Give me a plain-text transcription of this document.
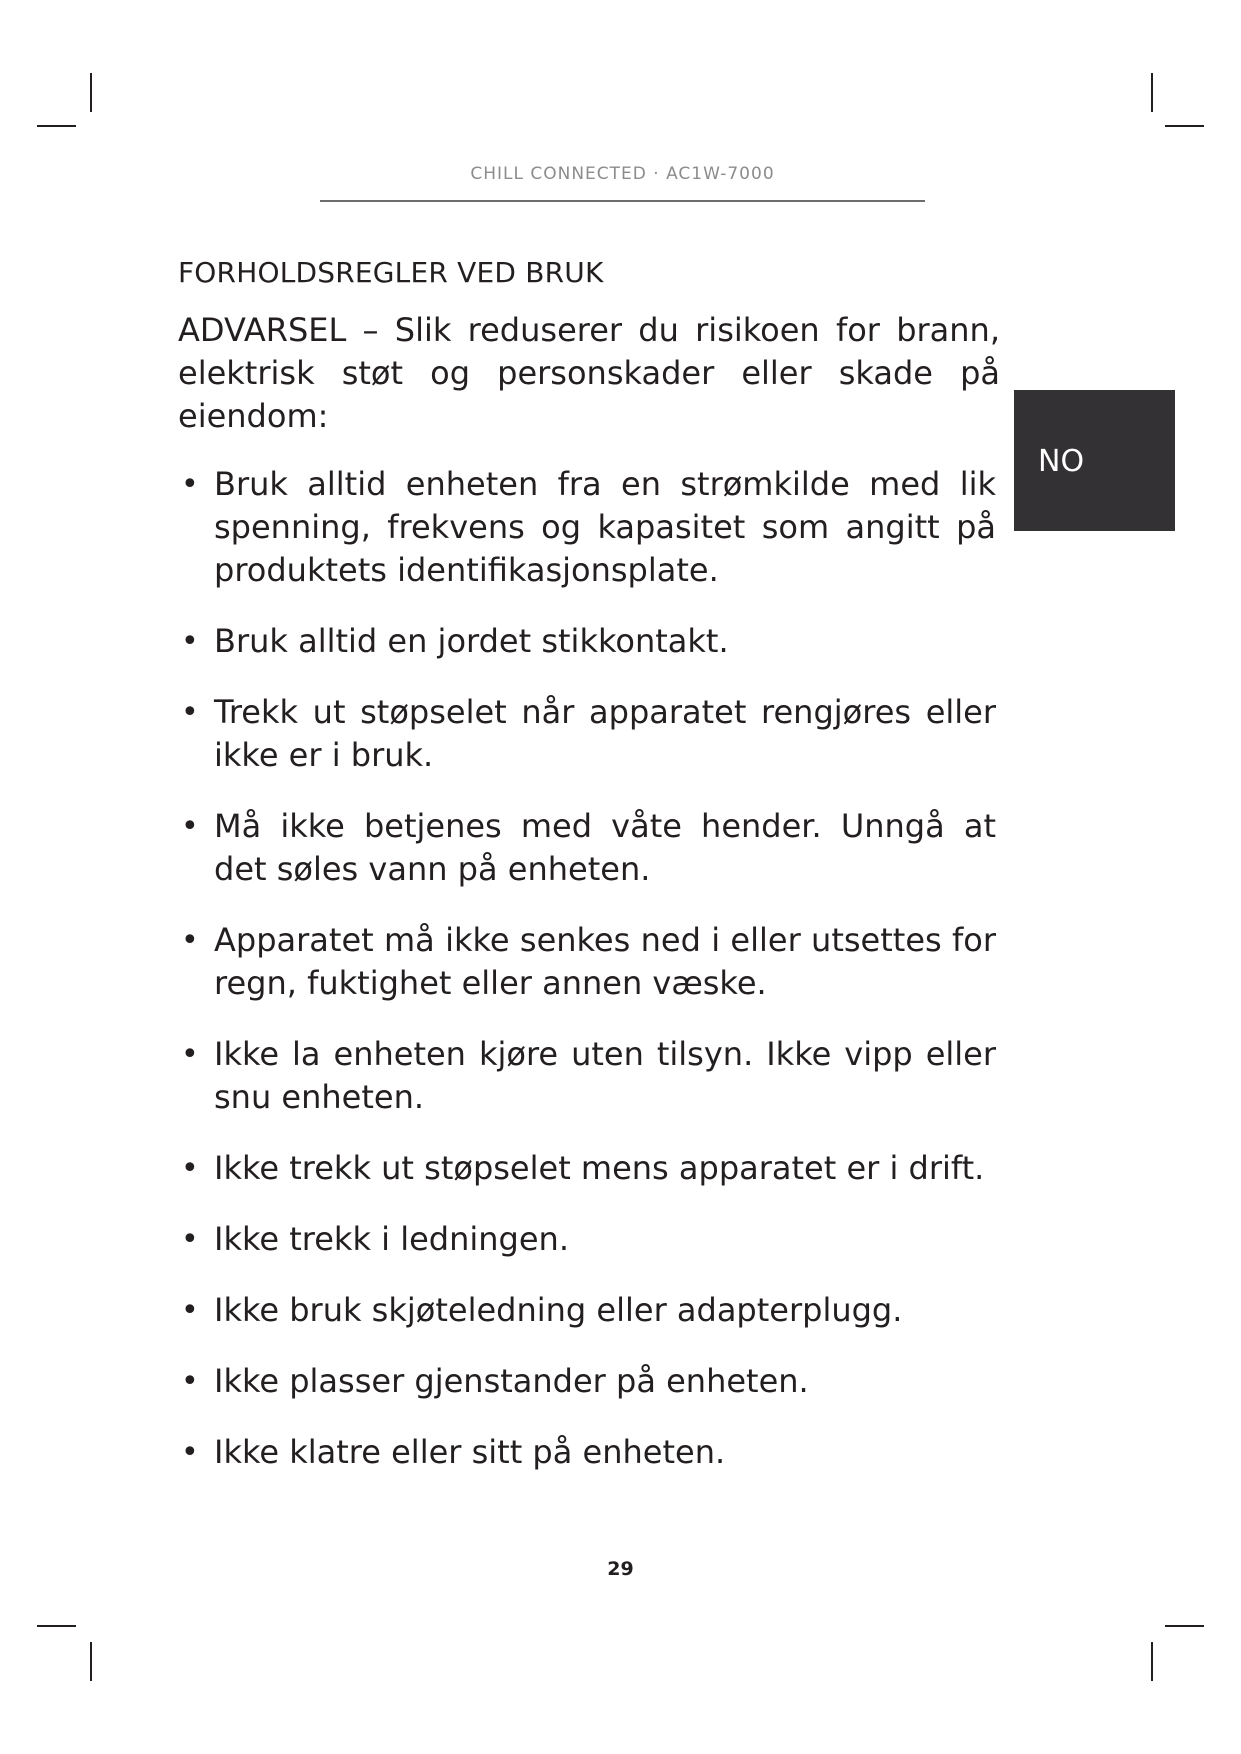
CHILL CONNECTED · AC1W-7000
FORHOLDSREGLER VED BRUK
ADVARSEL – Slik reduserer du risikoen for brann, elektrisk støt og personskader eller skade på eiendom:
NO
• Bruk alltid enheten fra en strømkilde med lik spenning, frekvens og kapasitet som angitt på produktets identifikasjonsplate.
• Bruk alltid en jordet stikkontakt.
• Trekk ut støpselet når apparatet rengjøres eller ikke er i bruk.
• Må ikke betjenes med våte hender. Unngå at det søles vann på enheten.
• Apparatet må ikke senkes ned i eller utsettes for regn, fuktighet eller annen væske.
• Ikke la enheten kjøre uten tilsyn. Ikke vipp eller snu enheten.
• Ikke trekk ut støpselet mens apparatet er i drift.
• Ikke trekk i ledningen.
• Ikke bruk skjøteledning eller adapterplugg.
• Ikke plasser gjenstander på enheten.
• Ikke klatre eller sitt på enheten.
29
